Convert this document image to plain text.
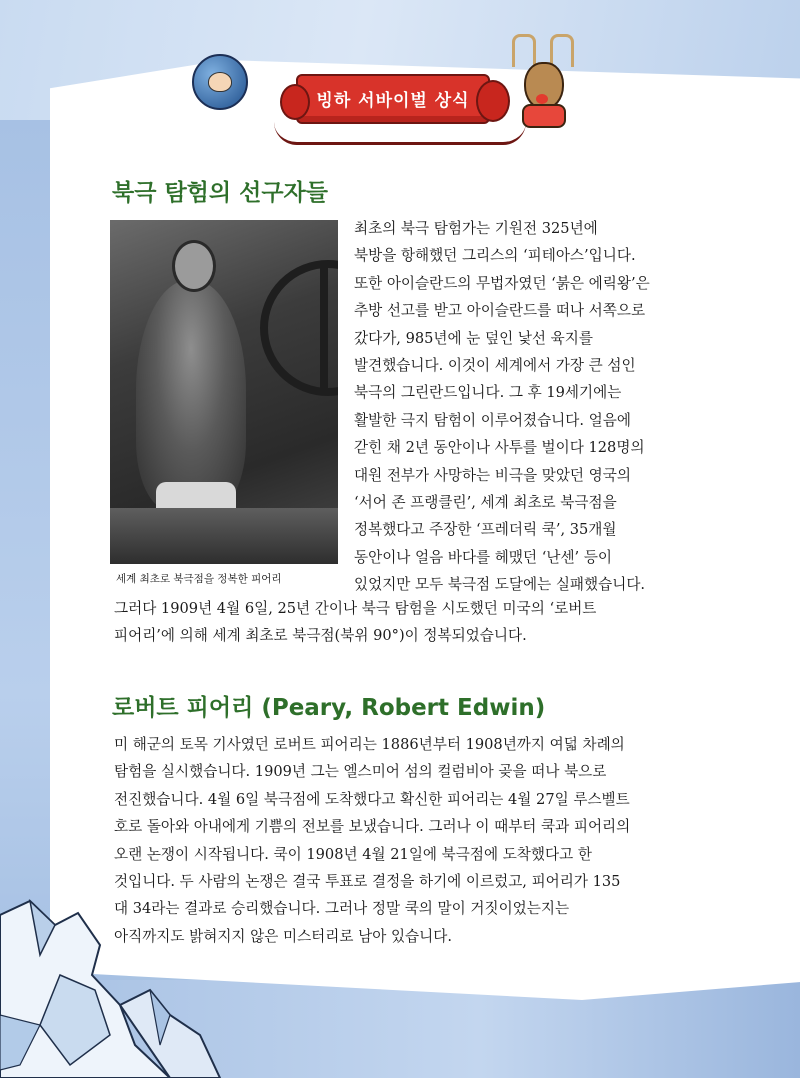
빙하 서바이벌 상식
북극 탐험의 선구자들
세계 최초로 북극점을 정복한 피어리
최초의 북극 탐험가는 기원전 325년에
북방을 항해했던 그리스의 ‘피테아스’입니다.
또한 아이슬란드의 무법자였던 ‘붉은 에릭왕’은
추방 선고를 받고 아이슬란드를 떠나 서쪽으로
갔다가, 985년에 눈 덮인 낯선 육지를
발견했습니다. 이것이 세계에서 가장 큰 섬인
북극의 그린란드입니다. 그 후 19세기에는
활발한 극지 탐험이 이루어졌습니다. 얼음에
갇힌 채 2년 동안이나 사투를 벌이다 128명의
대원 전부가 사망하는 비극을 맞았던 영국의
‘서어 존 프랭클린’, 세계 최초로 북극점을
정복했다고 주장한 ‘프레더릭 쿡’, 35개월
동안이나 얼음 바다를 헤맸던 ‘난센’ 등이
있었지만 모두 북극점 도달에는 실패했습니다.
그러다 1909년 4월 6일, 25년 간이나 북극 탐험을 시도했던 미국의 ‘로버트
피어리’에 의해 세계 최초로 북극점(북위 90°)이 정복되었습니다.
로버트 피어리 (Peary, Robert Edwin)
미 해군의 토목 기사였던 로버트 피어리는 1886년부터 1908년까지 여덟 차례의
탐험을 실시했습니다. 1909년 그는 엘스미어 섬의 컬럼비아 곶을 떠나 북으로
전진했습니다. 4월 6일 북극점에 도착했다고 확신한 피어리는 4월 27일 루스벨트
호로 돌아와 아내에게 기쁨의 전보를 보냈습니다. 그러나 이 때부터 쿡과 피어리의
오랜 논쟁이 시작됩니다. 쿡이 1908년 4월 21일에 북극점에 도착했다고 한
것입니다. 두 사람의 논쟁은 결국 투표로 결정을 하기에 이르렀고, 피어리가 135
대 34라는 결과로 승리했습니다. 그러나 정말 쿡의 말이 거짓이었는지는
아직까지도 밝혀지지 않은 미스터리로 남아 있습니다.
